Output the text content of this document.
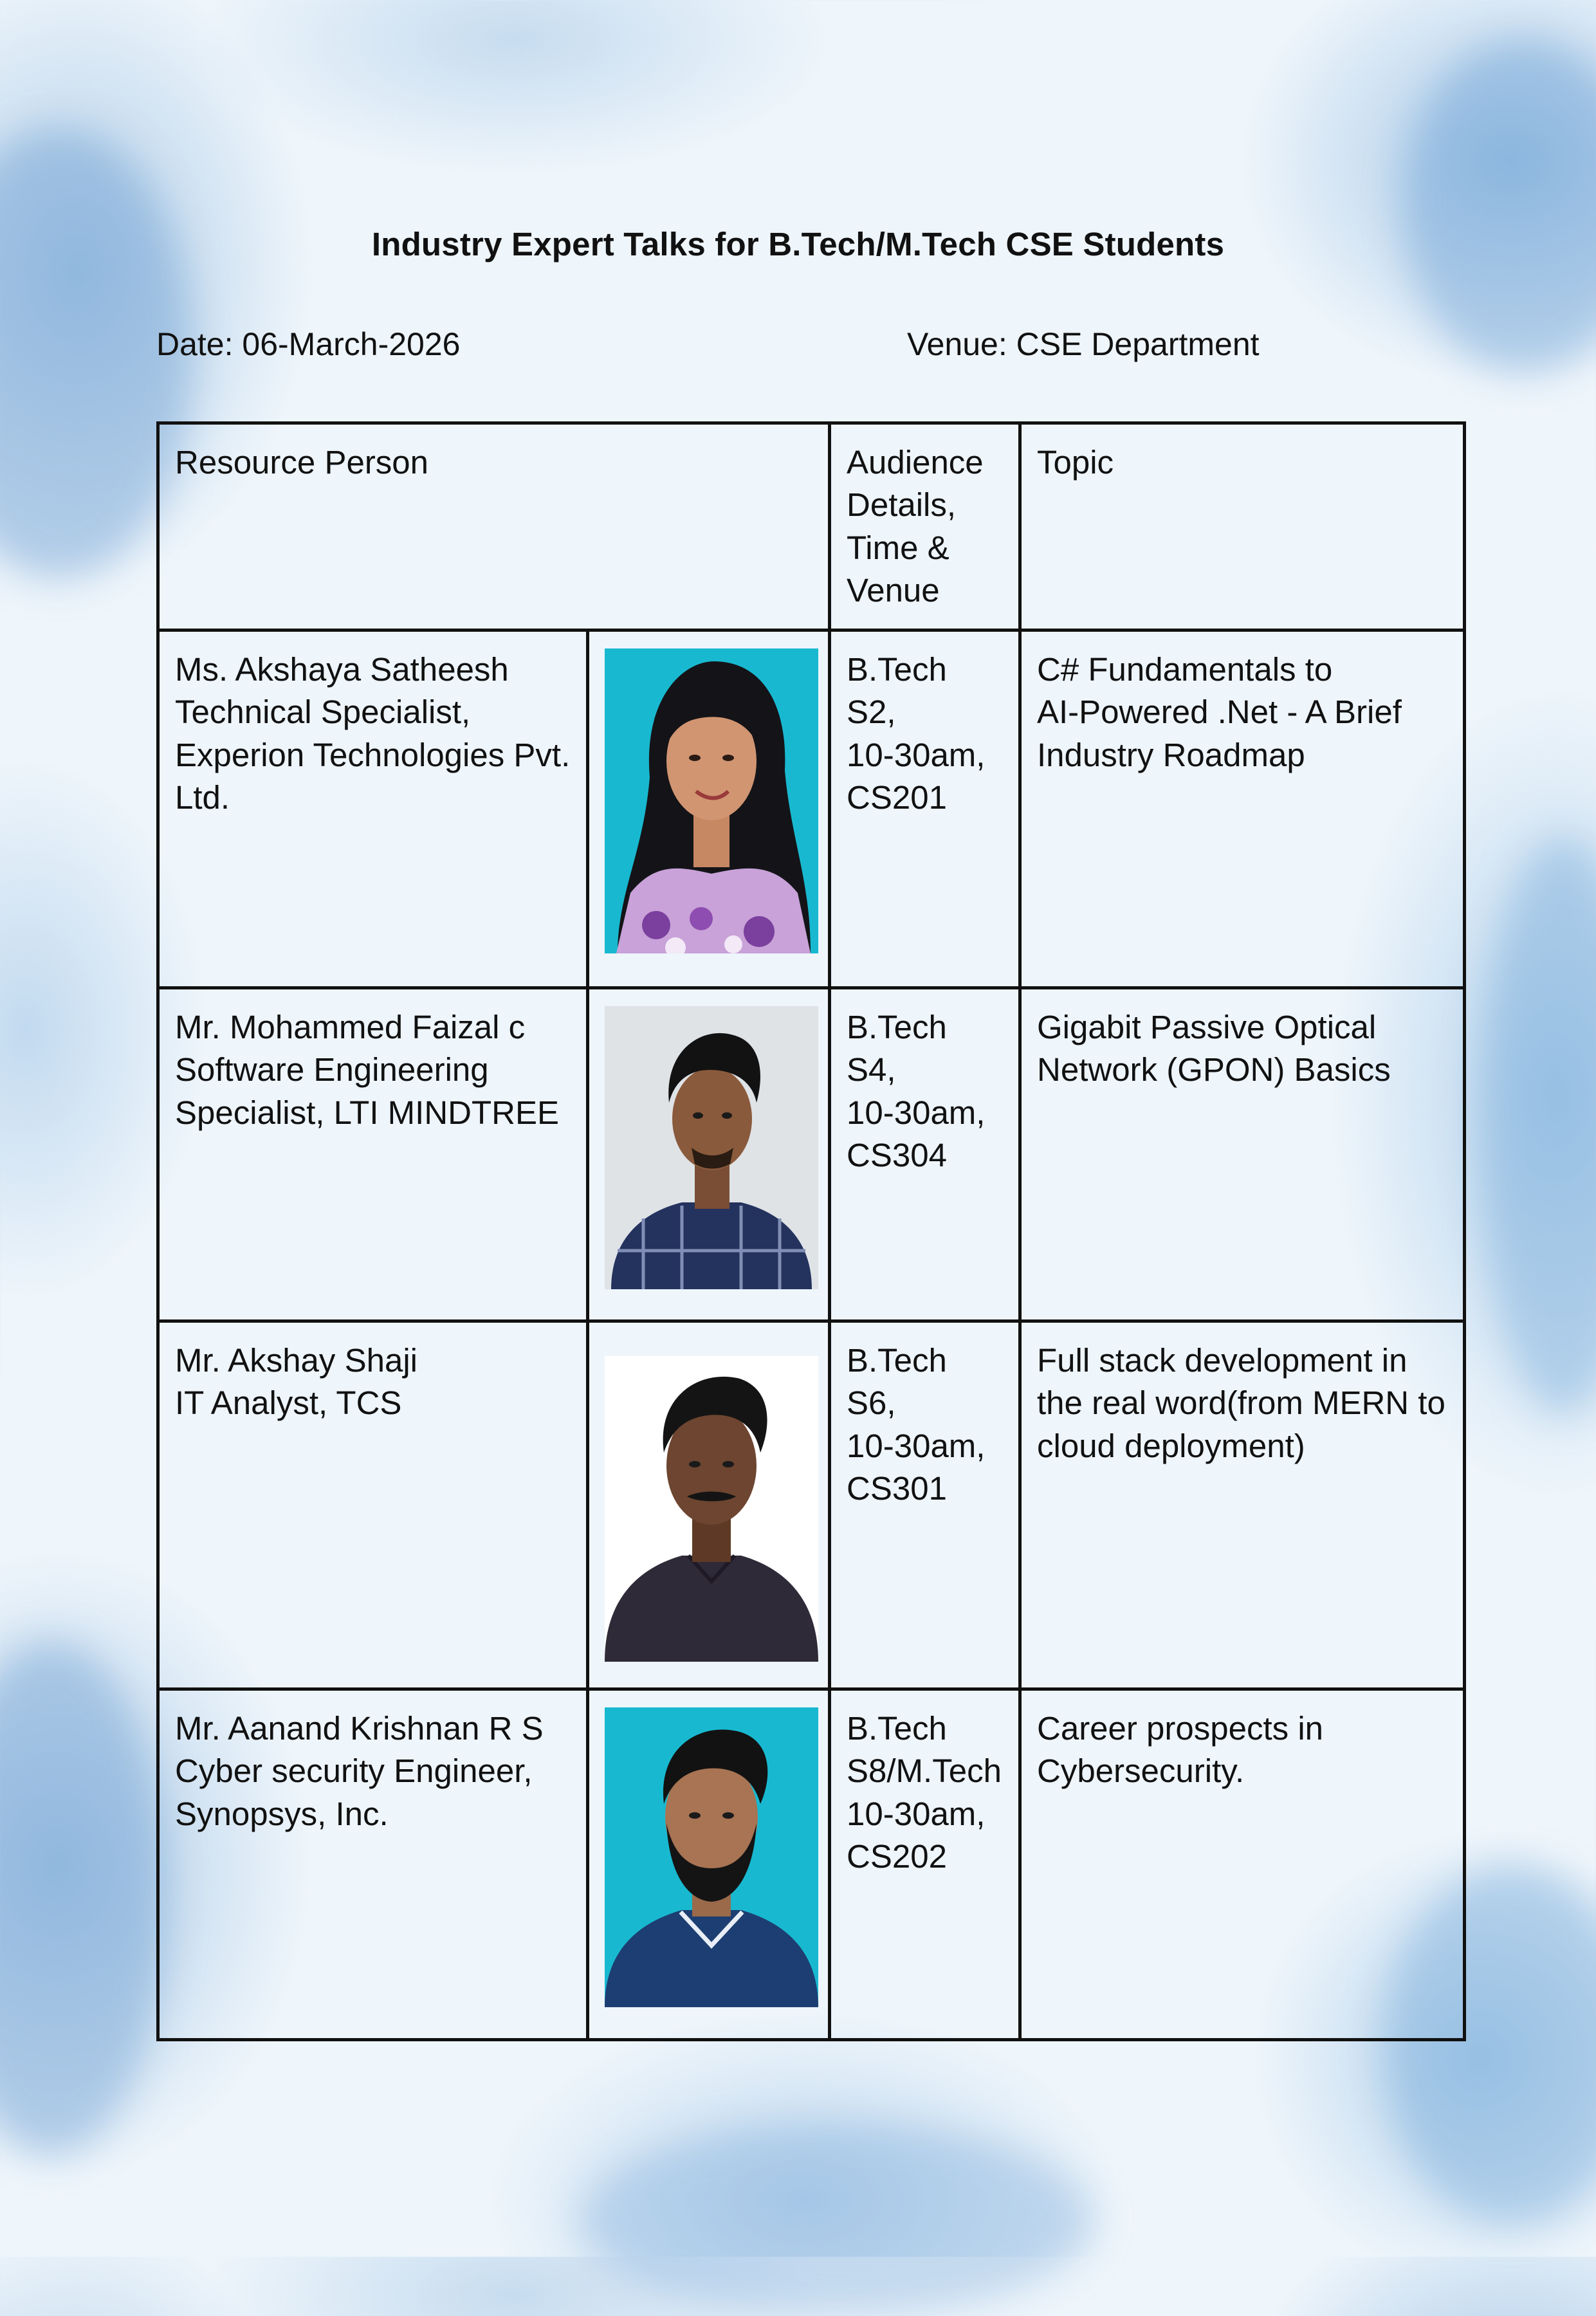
Industry Expert Talks for B.Tech/M.Tech CSE Students
Date: 06-March-2026	Venue: CSE Department
Resource Person		Audience
Details,
Time &
Venue	Topic

Ms. Akshaya Satheesh
Technical Specialist,
Experion Technologies Pvt.
Ltd.		B.Tech S2,
10-30am,
CS201	C# Fundamentals to
AI-Powered .Net - A Brief
Industry Roadmap

Mr. Mohammed Faizal c
Software Engineering
Specialist, LTI MINDTREE		B.Tech S4,
10-30am,
CS304	Gigabit Passive Optical
Network (GPON) Basics

Mr. Akshay Shaji
IT Analyst, TCS		B.Tech S6,
10-30am,
CS301	Full stack development in
the real word(from MERN to
cloud deployment)

Mr. Aanand Krishnan R S
Cyber security Engineer,
Synopsys, Inc.		B.Tech
S8/M.Tech
10-30am,
CS202	Career prospects in
Cybersecurity.
